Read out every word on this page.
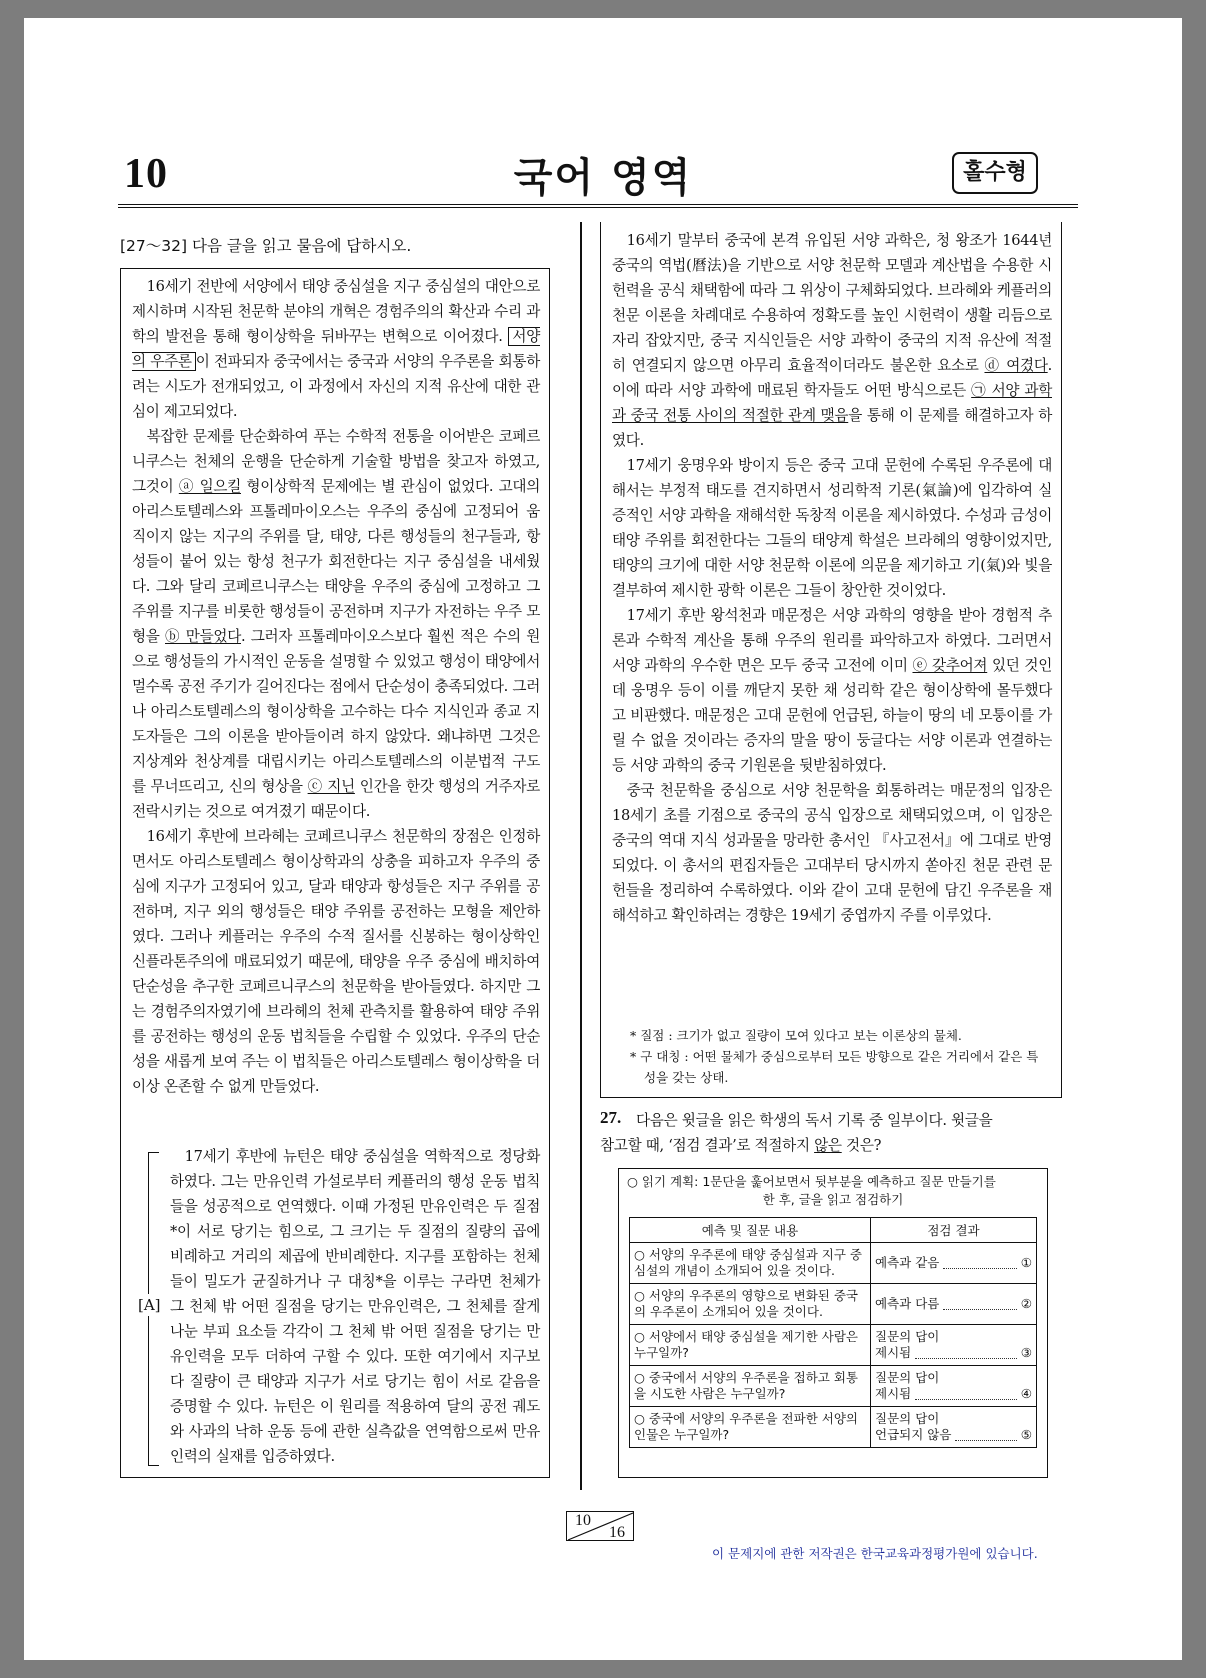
10	국어 영역	홀수형
[27～32] 다음 글을 읽고 물음에 답하시오.

16세기 전반에 서양에서 태양 중심설을 지구 중심설의 대안으로 제시하며 시작된 천문학 분야의 개혁은 경험주의의 확산과 수리 과학의 발전을 통해 형이상학을 뒤바꾸는 변혁으로 이어졌다. 서양의 우주론 이 전파되자 중국에서는 중국과 서양의 우주론을 회통하려는 시도가 전개되었고, 이 과정에서 자신의 지적 유산에 대한 관심이 제고되었다.

복잡한 문제를 단순화하여 푸는 수학적 전통을 이어받은 코페르니쿠스는 천체의 운행을 단순하게 기술할 방법을 찾고자 하였고, 그것이 ⓐ 일으킬 형이상학적 문제에는 별 관심이 없었다. 고대의 아리스토텔레스와 프톨레마이오스는 우주의 중심에 고정되어 움직이지 않는 지구의 주위를 달, 태양, 다른 행성들의 천구들과, 항성들이 붙어 있는 항성 천구가 회전한다는 지구 중심설을 내세웠다. 그와 달리 코페르니쿠스는 태양을 우주의 중심에 고정하고 그 주위를 지구를 비롯한 행성들이 공전하며 지구가 자전하는 우주 모형을 ⓑ 만들었다. 그러자 프톨레마이오스보다 훨씬 적은 수의 원으로 행성들의 가시적인 운동을 설명할 수 있었고 행성이 태양에서 멀수록 공전 주기가 길어진다는 점에서 단순성이 충족되었다. 그러나 아리스토텔레스의 형이상학을 고수하는 다수 지식인과 종교 지도자들은 그의 이론을 받아들이려 하지 않았다. 왜냐하면 그것은 지상계와 천상계를 대립시키는 아리스토텔레스의 이분법적 구도를 무너뜨리고, 신의 형상을 ⓒ 지닌 인간을 한갓 행성의 거주자로 전락시키는 것으로 여겨졌기 때문이다.

16세기 후반에 브라헤는 코페르니쿠스 천문학의 장점은 인정하면서도 아리스토텔레스 형이상학과의 상충을 피하고자 우주의 중심에 지구가 고정되어 있고, 달과 태양과 항성들은 지구 주위를 공전하며, 지구 외의 행성들은 태양 주위를 공전하는 모형을 제안하였다. 그러나 케플러는 우주의 수적 질서를 신봉하는 형이상학인 신플라톤주의에 매료되었기 때문에, 태양을 우주 중심에 배치하여 단순성을 추구한 코페르니쿠스의 천문학을 받아들였다. 하지만 그는 경험주의자였기에 브라헤의 천체 관측치를 활용하여 태양 주위를 공전하는 행성의 운동 법칙들을 수립할 수 있었다. 우주의 단순성을 새롭게 보여 주는 이 법칙들은 아리스토텔레스 형이상학을 더 이상 온존할 수 없게 만들었다.

17세기 후반에 뉴턴은 태양 중심설을 역학적으로 정당화하였다. 그는 만유인력 가설로부터 케플러의 행성 운동 법칙들을 성공적으로 연역했다. 이때 가정된 만유인력은 두 질점*이 서로 당기는 힘으로, 그 크기는 두 질점의 질량의 곱에 비례하고 거리의 제곱에 반비례한다. 지구를 포함하는 천체들이 밀도가 균질하거나 구 대칭*을 이루는 구라면 천체가 그 천체 밖 어떤 질점을 당기는 만유인력은, 그 천체를 잘게 나눈 부피 요소들 각각이 그 천체 밖 어떤 질점을 당기는 만유인력을 모두 더하여 구할 수 있다. 또한 여기에서 지구보다 질량이 큰 태양과 지구가 서로 당기는 힘이 서로 같음을 증명할 수 있다. 뉴턴은 이 원리를 적용하여 달의 공전 궤도와 사과의 낙하 운동 등에 관한 실측값을 연역함으로써 만유인력의 실재를 입증하였다.

[A]

16세기 말부터 중국에 본격 유입된 서양 과학은, 청 왕조가 1644년 중국의 역법(曆法)을 기반으로 서양 천문학 모델과 계산법을 수용한 시헌력을 공식 채택함에 따라 그 위상이 구체화되었다. 브라헤와 케플러의 천문 이론을 차례대로 수용하여 정확도를 높인 시헌력이 생활 리듬으로 자리 잡았지만, 중국 지식인들은 서양 과학이 중국의 지적 유산에 적절히 연결되지 않으면 아무리 효율적이더라도 불온한 요소로 ⓓ 여겼다. 이에 따라 서양 과학에 매료된 학자들도 어떤 방식으로든 ㉠ 서양 과학과 중국 전통 사이의 적절한 관계 맺음을 통해 이 문제를 해결하고자 하였다.

17세기 웅명우와 방이지 등은 중국 고대 문헌에 수록된 우주론에 대해서는 부정적 태도를 견지하면서 성리학적 기론(氣論)에 입각하여 실증적인 서양 과학을 재해석한 독창적 이론을 제시하였다. 수성과 금성이 태양 주위를 회전한다는 그들의 태양계 학설은 브라헤의 영향이었지만, 태양의 크기에 대한 서양 천문학 이론에 의문을 제기하고 기(氣)와 빛을 결부하여 제시한 광학 이론은 그들이 창안한 것이었다.

17세기 후반 왕석천과 매문정은 서양 과학의 영향을 받아 경험적 추론과 수학적 계산을 통해 우주의 원리를 파악하고자 하였다. 그러면서 서양 과학의 우수한 면은 모두 중국 고전에 이미 ⓔ 갖추어져 있던 것인데 웅명우 등이 이를 깨닫지 못한 채 성리학 같은 형이상학에 몰두했다고 비판했다. 매문정은 고대 문헌에 언급된, 하늘이 땅의 네 모퉁이를 가릴 수 없을 것이라는 증자의 말을 땅이 둥글다는 서양 이론과 연결하는 등 서양 과학의 중국 기원론을 뒷받침하였다.

중국 천문학을 중심으로 서양 천문학을 회통하려는 매문정의 입장은 18세기 초를 기점으로 중국의 공식 입장으로 채택되었으며, 이 입장은 중국의 역대 지식 성과물을 망라한 총서인 『사고전서』에 그대로 반영되었다. 이 총서의 편집자들은 고대부터 당시까지 쏟아진 천문 관련 문헌들을 정리하여 수록하였다. 이와 같이 고대 문헌에 담긴 우주론을 재해석하고 확인하려는 경향은 19세기 중엽까지 주를 이루었다.

* 질점 : 크기가 없고 질량이 모여 있다고 보는 이론상의 물체.
* 구 대칭 : 어떤 물체가 중심으로부터 모든 방향으로 같은 거리에서 같은 특성을 갖는 상태.
27. 다음은 윗글을 읽은 학생의 독서 기록 중 일부이다. 윗글을
참고할 때, ‘점검 결과’로 적절하지 않은 것은?
○ 읽기 계획: 1문단을 훑어보면서 뒷부분을 예측하고 질문 만들기를
한 후, 글을 읽고 점검하기
예측 및 질문 내용	점검 결과
○ 서양의 우주론에 태양 중심설과 지구 중심설의 개념이 소개되어 있을 것이다.	예측과 같음 ①

○ 서양의 우주론의 영향으로 변화된 중국의 우주론이 소개되어 있을 것이다.	예측과 다름 ②

○ 서양에서 태양 중심설을 제기한 사람은 누구일까?	질문의 답이
제시됨 ③

○ 중국에서 서양의 우주론을 접하고 회통을 시도한 사람은 누구일까?	질문의 답이
제시됨 ④

○ 중국에 서양의 우주론을 전파한 서양의 인물은 누구일까?	질문의 답이
언급되지 않음 ⑤
10
16
이 문제지에 관한 저작권은 한국교육과정평가원에 있습니다.
